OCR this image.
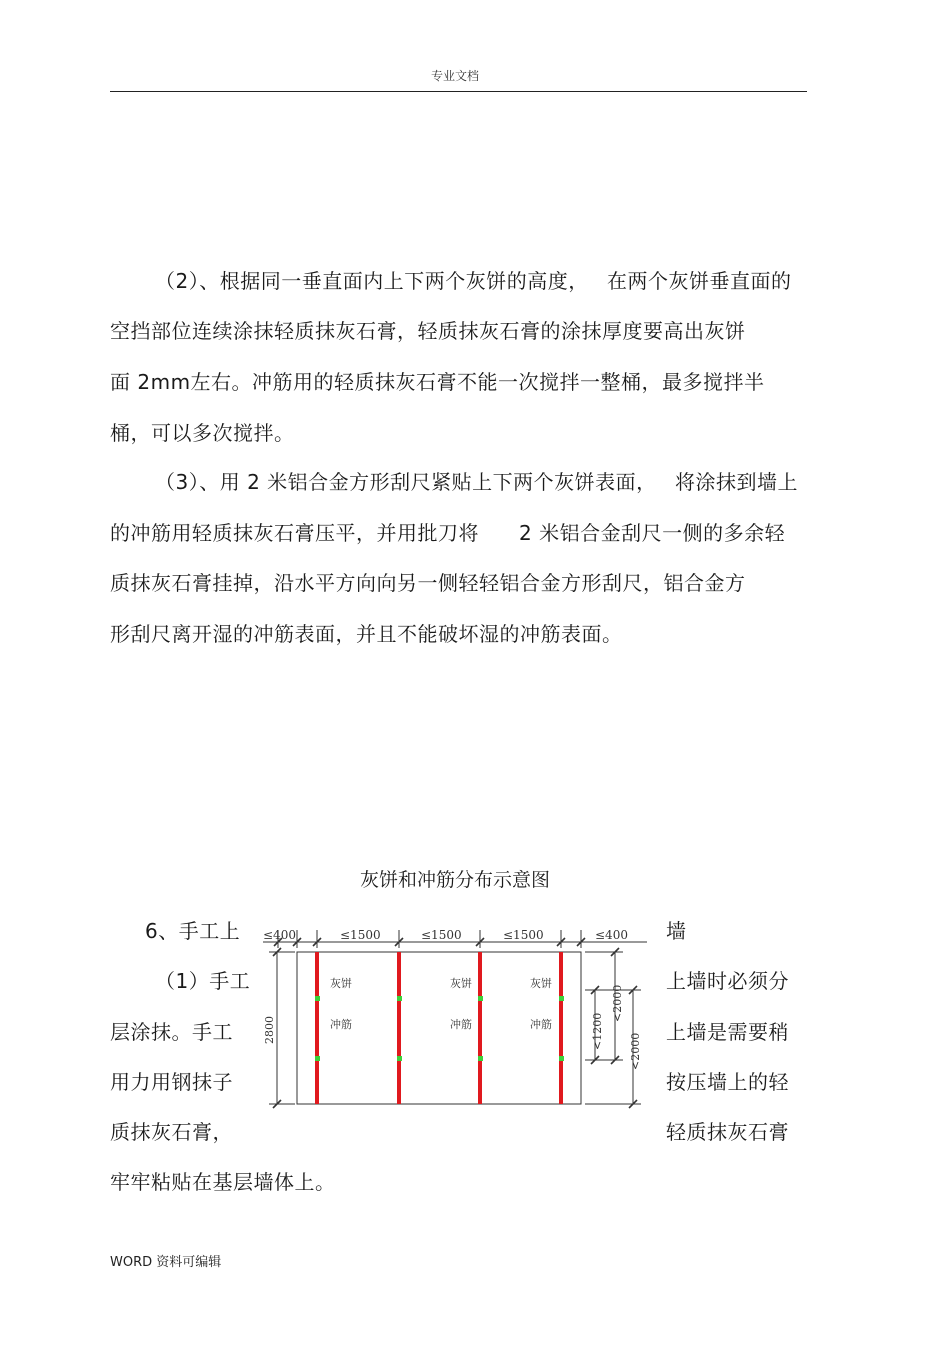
专业文档
（2）、根据同一垂直面内上下两个灰饼的高度， 在两个灰饼垂直面的
空挡部位连续涂抹轻质抹灰石膏，轻质抹灰石膏的涂抹厚度要高出灰饼
面 2mm左右。冲筋用的轻质抹灰石膏不能一次搅拌一整桶，最多搅拌半
桶，可以多次搅拌。
（3）、用 2 米铝合金方形刮尺紧贴上下两个灰饼表面， 将涂抹到墙上
的冲筋用轻质抹灰石膏压平，并用批刀将 2 米铝合金刮尺一侧的多余轻
质抹灰石膏挂掉，沿水平方向向另一侧轻轻铝合金方形刮尺，铝合金方
形刮尺离开湿的冲筋表面，并且不能破坏湿的冲筋表面。
灰饼和冲筋分布示意图
6、手工上
（1）手工
层涂抹。手工
用力用钢抹子
质抹灰石膏，
墙
上墙时必须分
上墙是需要稍
按压墙上的轻
轻质抹灰石膏
牢牢粘贴在基层墙体上。
≤400	≤1500	≤1500	≤1500	≤400
2800
<2000
<1200
<2000
灰饼
冲筋
灰饼
冲筋
灰饼
冲筋
WORD 资料可编辑
